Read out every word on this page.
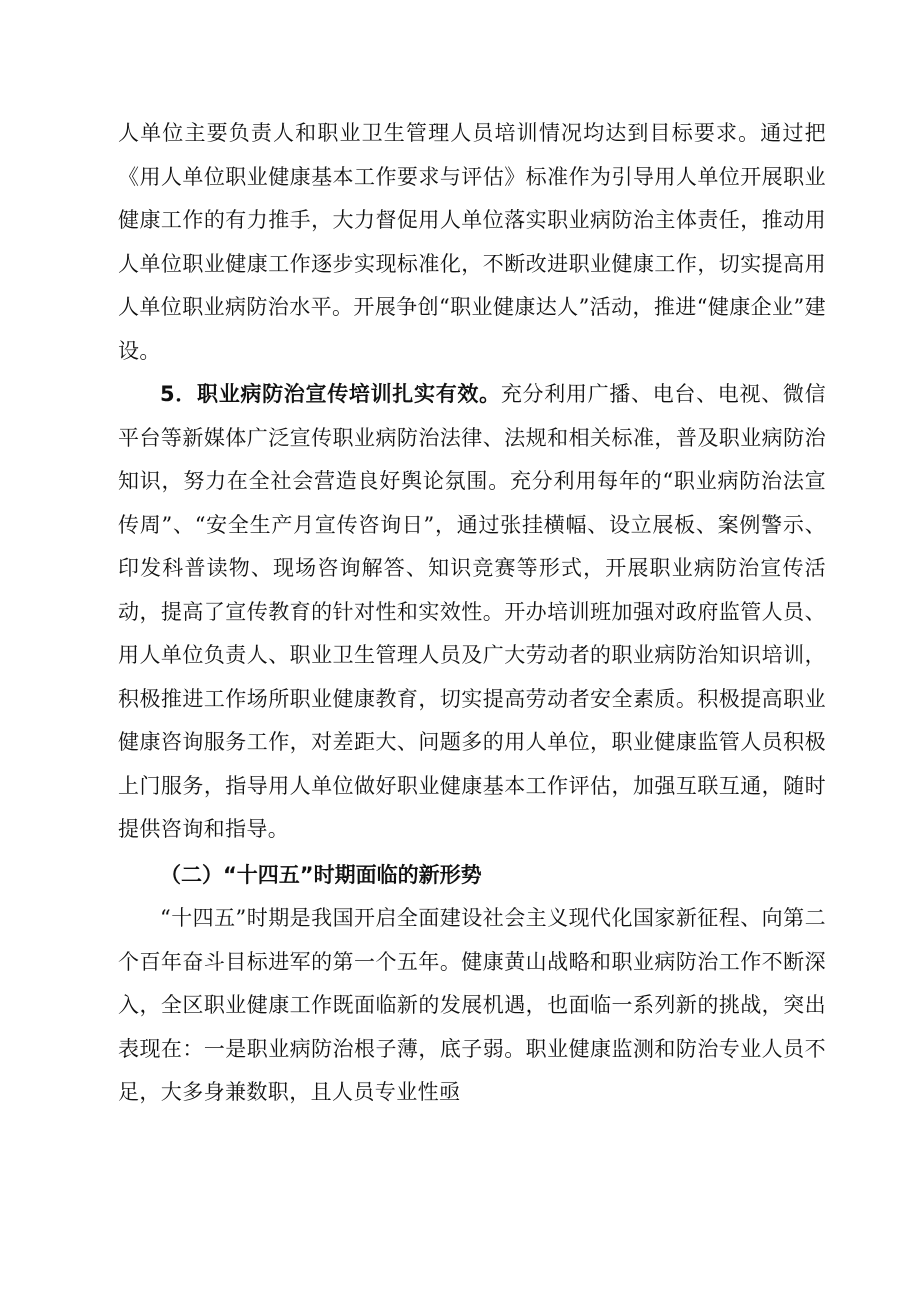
人单位主要负责人和职业卫生管理人员培训情况均达到目标要求。通过把《用人单位职业健康基本工作要求与评估》标准作为引导用人单位开展职业健康工作的有力推手，大力督促用人单位落实职业病防治主体责任，推动用人单位职业健康工作逐步实现标准化，不断改进职业健康工作，切实提高用人单位职业病防治水平。开展争创“职业健康达人”活动，推进“健康企业”建设。

5．职业病防治宣传培训扎实有效。充分利用广播、电台、电视、微信平台等新媒体广泛宣传职业病防治法律、法规和相关标准，普及职业病防治知识，努力在全社会营造良好舆论氛围。充分利用每年的“职业病防治法宣传周”、“安全生产月宣传咨询日”，通过张挂横幅、设立展板、案例警示、印发科普读物、现场咨询解答、知识竞赛等形式，开展职业病防治宣传活动，提高了宣传教育的针对性和实效性。开办培训班加强对政府监管人员、用人单位负责人、职业卫生管理人员及广大劳动者的职业病防治知识培训，积极推进工作场所职业健康教育，切实提高劳动者安全素质。积极提高职业健康咨询服务工作，对差距大、问题多的用人单位，职业健康监管人员积极上门服务，指导用人单位做好职业健康基本工作评估，加强互联互通，随时提供咨询和指导。

（二）“十四五”时期面临的新形势

“十四五”时期是我国开启全面建设社会主义现代化国家新征程、向第二个百年奋斗目标进军的第一个五年。健康黄山战略和职业病防治工作不断深入，全区职业健康工作既面临新的发展机遇，也面临一系列新的挑战，突出表现在：一是职业病防治根子薄，底子弱。职业健康监测和防治专业人员不足，大多身兼数职，且人员专业性亟
